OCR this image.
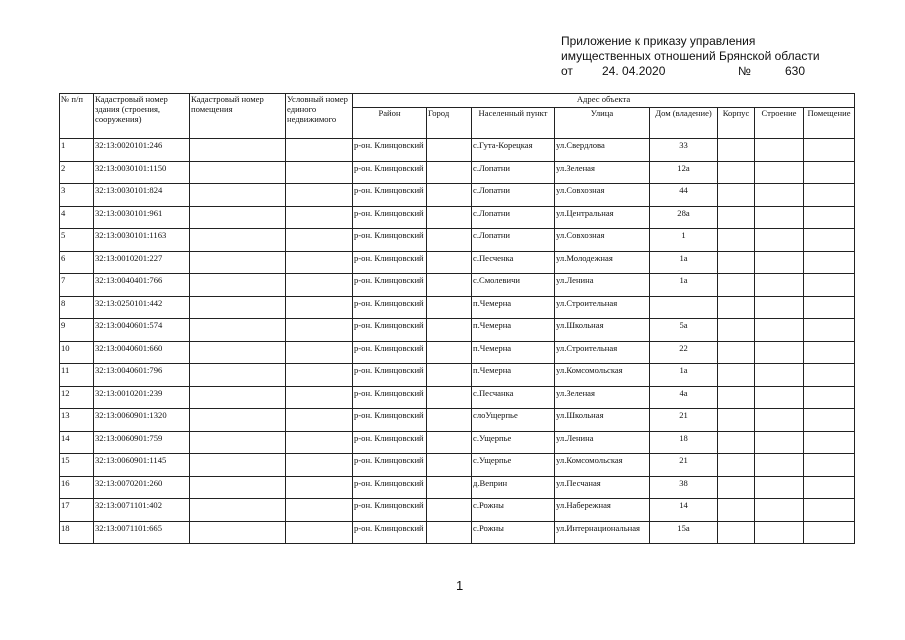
Приложение к приказу управления
имущественных отношений Брянской области
от 24. 04.2020	№	630
№ п/п	Кадастровый номер здания (строения, сооружения)	Кадастровый номер помещения	Условный номер единого недвижимого	Адрес объекта							
				Район	Город	Населенный пункт	Улица	Дом (владение)	Корпус	Строение	Помещение
1	32:13:0020101:246			р-он. Клинцовский		с.Гута-Корецкая	ул.Свердлова	33			
2	32:13:0030101:1150			р-он. Клинцовский		с.Лопатни	ул.Зеленая	12а			
3	32:13:0030101:824			р-он. Клинцовский		с.Лопатни	ул.Совхозная	44			
4	32:13:0030101:961			р-он. Клинцовский		с.Лопатни	ул.Центральная	28а			
5	32:13:0030101:1163			р-он. Клинцовский		с.Лопатни	ул.Совхозная	1			
6	32:13:0010201:227			р-он. Клинцовский		с.Песченка	ул.Молодежная	1а			
7	32:13:0040401:766			р-он. Клинцовский		с.Смолевичи	ул.Ленина	1а			
8	32:13:0250101:442			р-он. Клинцовский		п.Чемерна	ул.Строительная				
9	32:13:0040601:574			р-он. Клинцовский		п.Чемерна	ул.Школьная	5а			
10	32:13:0040601:660			р-он. Клинцовский		п.Чемерна	ул.Строительная	22			
11	32:13:0040601:796			р-он. Клинцовский		п.Чемерна	ул.Комсомольская	1а			
12	32:13:0010201:239			р-он. Клинцовский		с.Песчанка	ул.Зеленая	4а			
13	32:13:0060901:1320			р-он. Клинцовский		слоУщерпье	ул.Школьная	21			
14	32:13:0060901:759			р-он. Клинцовский		с.Ущерпье	ул.Ленина	18			
15	32:13:0060901:1145			р-он. Клинцовский		с.Ущерпье	ул.Комсомольская	21			
16	32:13:0070201:260			р-он. Клинцовский		д.Веприн	ул.Песчаная	38			
17	32:13:0071101:402			р-он. Клинцовский		с.Рожны	ул.Набережная	14			
18	32:13:0071101:665			р-он. Клинцовский		с.Рожны	ул.Интернациональная	15а			
1
